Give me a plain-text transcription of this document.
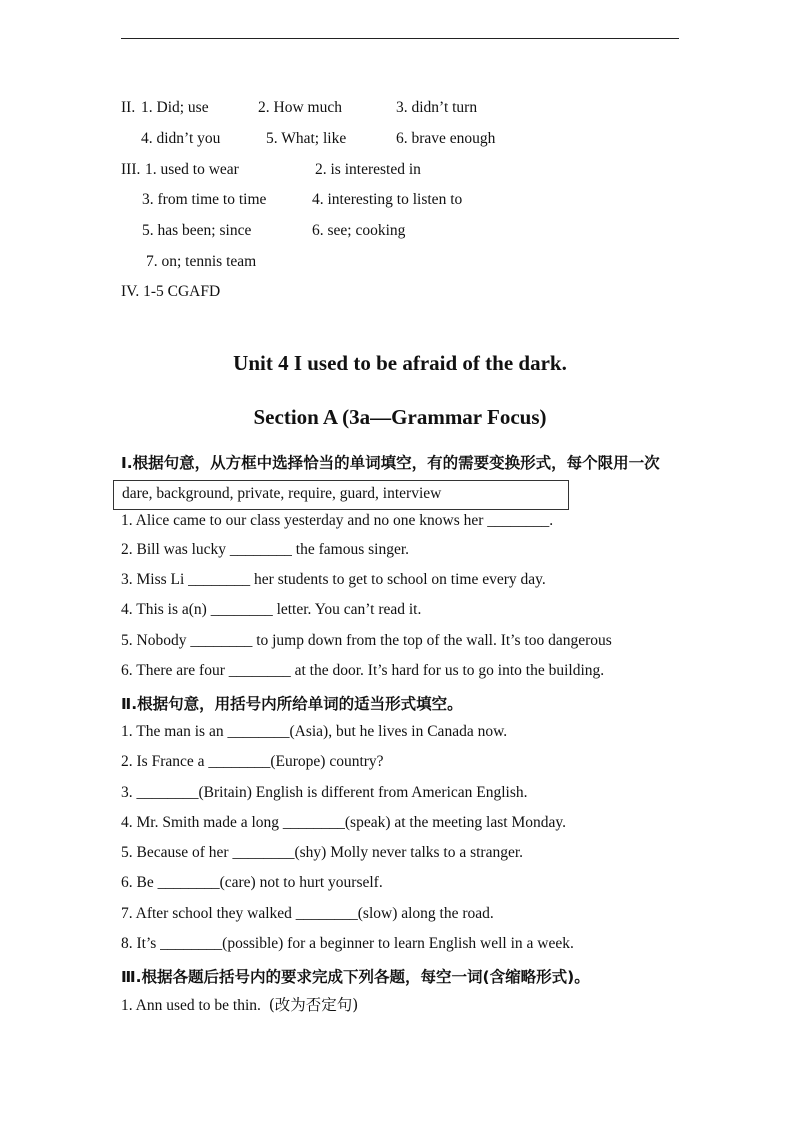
II. 1. Did; use	2. How much	3. didn’t turn
4. didn’t you	5. What; like	6. brave enough
III. 1. used to wear	2. is interested in
3. from time to time	4. interesting to listen to
5. has been; since	6. see; cooking
7. on; tennis team
IV. 1-5 CGAFD
Unit 4 I used to be afraid of the dark.
Section A (3a—Grammar Focus)
Ⅰ.根据句意，从方框中选择恰当的单词填空，有的需要变换形式，每个限用一次
dare, background, private, require, guard, interview
1. Alice came to our class yesterday and no one knows her ________.
2. Bill was lucky ________ the famous singer.
3. Miss Li ________ her students to get to school on time every day.
4. This is a(n) ________ letter. You can’t read it.
5. Nobody ________ to jump down from the top of the wall. It’s too dangerous
6. There are four ________ at the door. It’s hard for us to go into the building.
Ⅱ.根据句意，用括号内所给单词的适当形式填空。
1. The man is an ________(Asia), but he lives in Canada now.
2. Is France a ________(Europe) country?
3. ________(Britain) English is different from American English.
4. Mr. Smith made a long ________(speak) at the meeting last Monday.
5. Because of her ________(shy) Molly never talks to a stranger.
6. Be ________(care) not to hurt yourself.
7. After school they walked ________(slow) along the road.
8. It’s ________(possible) for a beginner to learn English well in a week.
Ⅲ.根据各题后括号内的要求完成下列各题，每空一词(含缩略形式)。
1. Ann used to be thin. (改为否定句)
